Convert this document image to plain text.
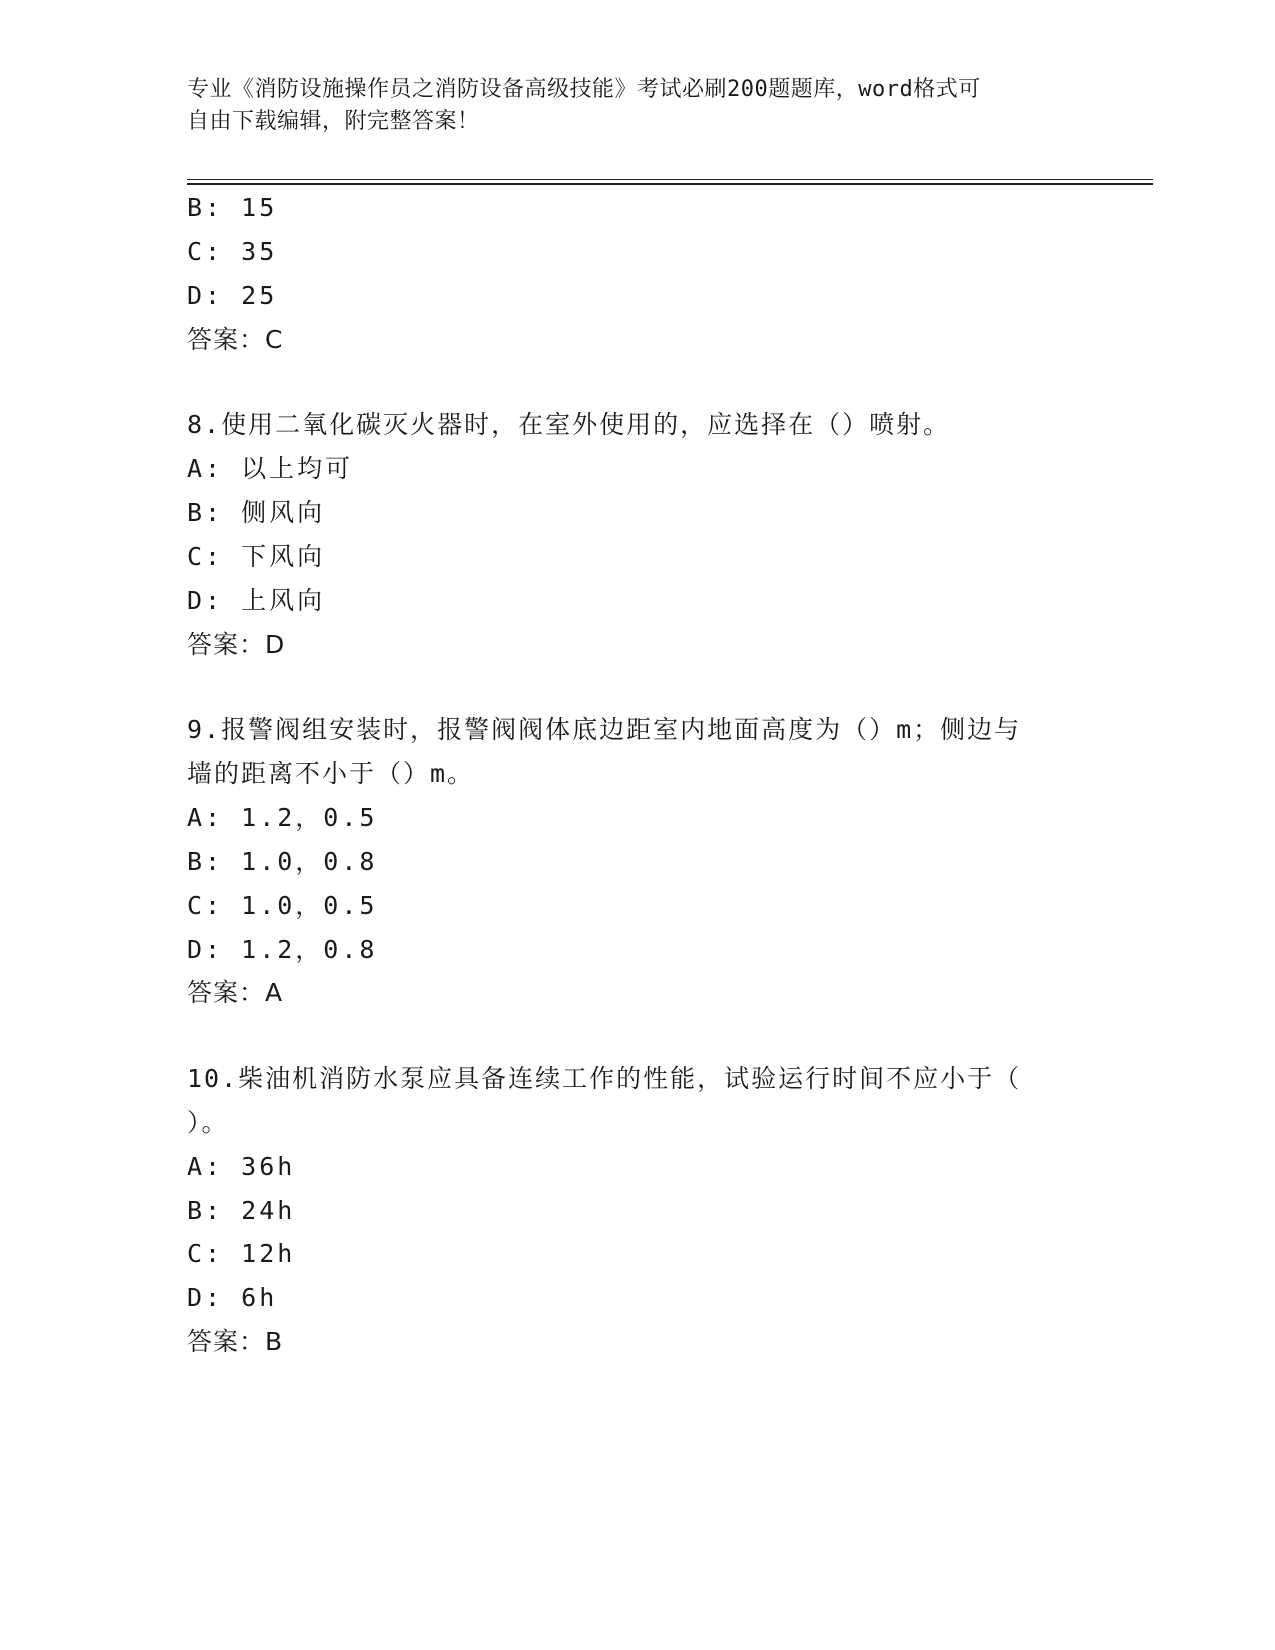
专业《消防设施操作员之消防设备高级技能》考试必刷200题题库，word格式可
自由下载编辑，附完整答案！
B: 15
C: 35
D: 25
答案：C
8.使用二氧化碳灭火器时，在室外使用的，应选择在（）喷射。
A: 以上均可
B: 侧风向
C: 下风向
D: 上风向
答案：D
9.报警阀组安装时，报警阀阀体底边距室内地面高度为（）m；侧边与
墙的距离不小于（）m。
A: 1.2，0.5
B: 1.0，0.8
C: 1.0，0.5
D: 1.2，0.8
答案：A
10.柴油机消防水泵应具备连续工作的性能，试验运行时间不应小于（
）。
A: 36h
B: 24h
C: 12h
D: 6h
答案：B
